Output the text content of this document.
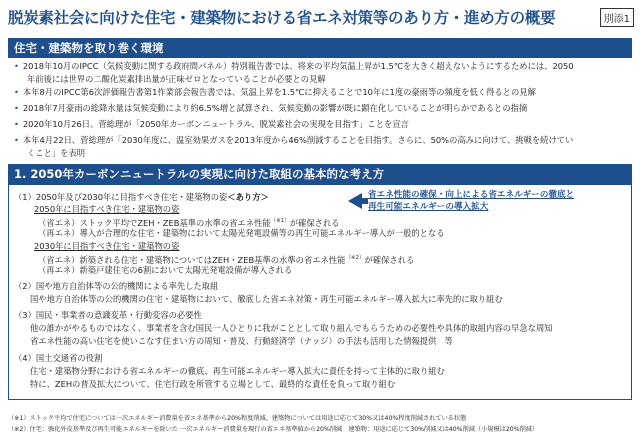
脱炭素社会に向けた住宅・建築物における省エネ対策等のあり方・進め方の概要	別添1
住宅・建築物を取り巻く環境
• 2018年10月のIPCC（気候変動に関する政府間パネル）特別報告書では、将来の平均気温上昇が1.5℃を大きく超えないようにするためには、2050
年前後には世界の二酸化炭素排出量が正味ゼロとなっていることが必要との見解
• 本年8月のIPCC第6次評価報告書第1作業部会報告書では、気温上昇を1.5℃に抑えることで10年に1度の豪雨等の頻度を低く得るとの見解
• 2018年7月豪雨の総降水量は気候変動により約6.5%増と試算され、気候変動の影響が既に顕在化していることが明らかであるとの指摘
• 2020年10月26日、菅総理が「2050年カーボンニュートラル、脱炭素社会の実現を目指す」ことを宣言
• 本年4月22日、菅総理が「2030年度に、温室効果ガスを2013年度から46%削減することを目指す。さらに、50%の高みに向けて、挑戦を続けてい
くこと」を表明
1. 2050年カーボンニュートラルの実現に向けた取組の基本的な考え方
（1）2050年及び2030年に目指すべき住宅・建築物の姿＜あり方＞
2050年に目指すべき住宅・建築物の姿
（省エネ）ストック平均でZEH・ZEB基準の水準の省エネ性能$^{(※1)}$が確保される
（再エネ）導入が合理的な住宅・建築物において太陽光発電設備等の再生可能エネルギー導入が一般的となる
2030年に目指すべき住宅・建築物の姿
（省エネ）新築される住宅・建築物についてはZEH・ZEB基準の水準の省エネ性能$^{(※2)}$が確保される
（再エネ）新築戸建住宅の6割において太陽光発電設備が導入される
省エネ性能の確保・向上による省エネルギーの徹底と
再生可能エネルギーの導入拡大
（2）国や地方自治体等の公的機関による率先した取組
国や地方自治体等の公的機関の住宅・建築物において、徹底した省エネ対策・再生可能エネルギー導入拡大に率先的に取り組む
（3）国民・事業者の意識変革・行動変容の必要性
他の誰かがやるものではなく、事業者を含む国民一人ひとりに我がこととして取り組んでもらうための必要性や具体的取組内容の早急な周知
省エネ性能の高い住宅を使いこなす住まい方の周知・普及、行動経済学（ナッジ）の手法も活用した情報提供　等
（4）国土交通省の役割
住宅・建築物分野における省エネルギーの徹底、再生可能エネルギー導入拡大に責任を持って主体的に取り組む
特に、ZEHの普及拡大について、住宅行政を所管する立場として、最終的な責任を負って取り組む
（※1）ストック平均で住宅については一次エネルギー消費量を省エネ基準から20%程度削減、建築物については用途に応じて30%又は40%程度削減されている状態
（※2）住宅：強化外皮基準及び再生可能エネルギーを除いた 一次エネルギー消費量を現行の省エネ基準値から20%削減　建築物：用途に応じて30%削減又は40%削減（小規模は20%削減）
